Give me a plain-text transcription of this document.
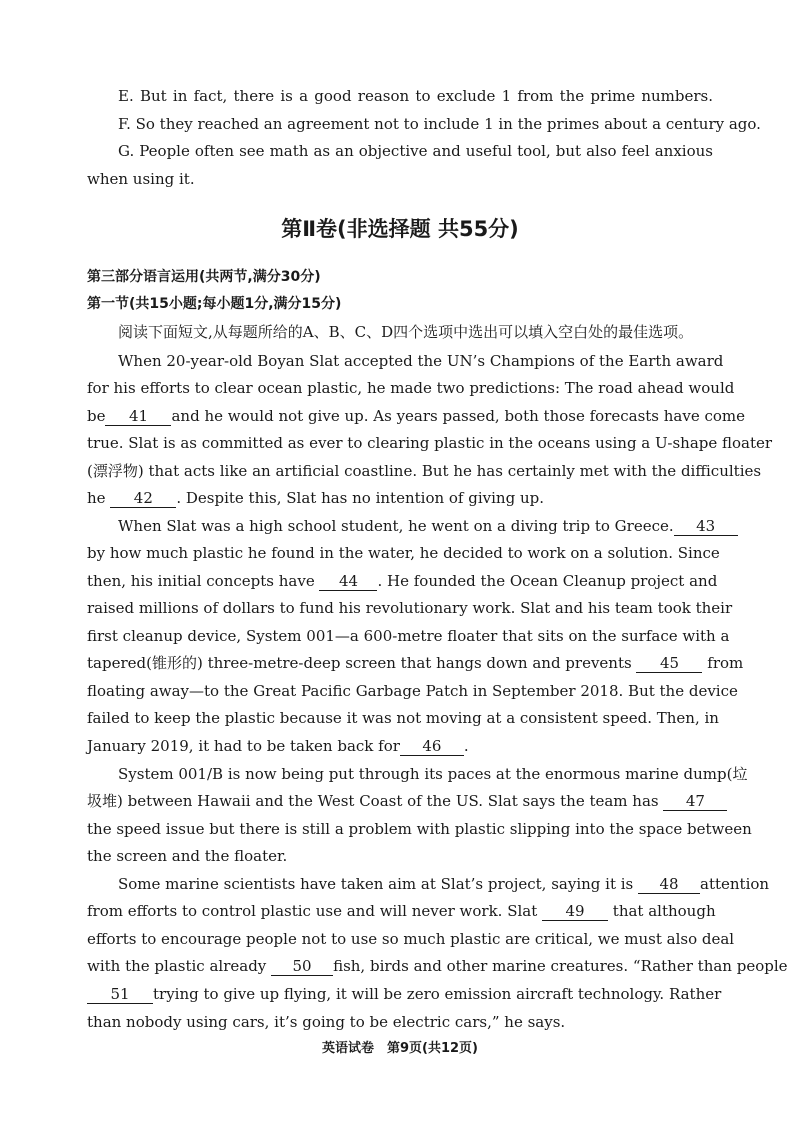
E. But in fact, there is a good reason to exclude 1 from the prime numbers.
F. So they reached an agreement not to include 1 in the primes about a century ago.
G. People often see math as an objective and useful tool, but also feel anxious
when using it.
第Ⅱ卷(非选择题 共55分)
第三部分语言运用(共两节,满分30分)
第一节(共15小题;每小题1分,满分15分)
阅读下面短文,从每题所给的A、B、C、D四个选项中选出可以填入空白处的最佳选项。
When 20-year-old Boyan Slat accepted the UN’s Champions of the Earth award
for his efforts to clear ocean plastic, he made two predictions: The road ahead would
be 41 and he would not give up. As years passed, both those forecasts have come
true. Slat is as committed as ever to clearing plastic in the oceans using a U-shape floater
(漂浮物) that acts like an artificial coastline. But he has certainly met with the difficulties
he 42 . Despite this, Slat has no intention of giving up.
When Slat was a high school student, he went on a diving trip to Greece. 43
by how much plastic he found in the water, he decided to work on a solution. Since
then, his initial concepts have 44 . He founded the Ocean Cleanup project and
raised millions of dollars to fund his revolutionary work. Slat and his team took their
first cleanup device, System 001—a 600-metre floater that sits on the surface with a
tapered(锥形的) three-metre-deep screen that hangs down and prevents 45 from
floating away—to the Great Pacific Garbage Patch in September 2018. But the device
failed to keep the plastic because it was not moving at a consistent speed. Then, in
January 2019, it had to be taken back for 46 .
System 001/B is now being put through its paces at the enormous marine dump(垃
圾堆) between Hawaii and the West Coast of the US. Slat says the team has 47
the speed issue but there is still a problem with plastic slipping into the space between
the screen and the floater.
Some marine scientists have taken aim at Slat’s project, saying it is 48 attention
from efforts to control plastic use and will never work. Slat 49 that although
efforts to encourage people not to use so much plastic are critical, we must also deal
with the plastic already 50 fish, birds and other marine creatures. “Rather than people
51 trying to give up flying, it will be zero emission aircraft technology. Rather
than nobody using cars, it’s going to be electric cars,” he says.
英语试卷　第9页(共12页)
